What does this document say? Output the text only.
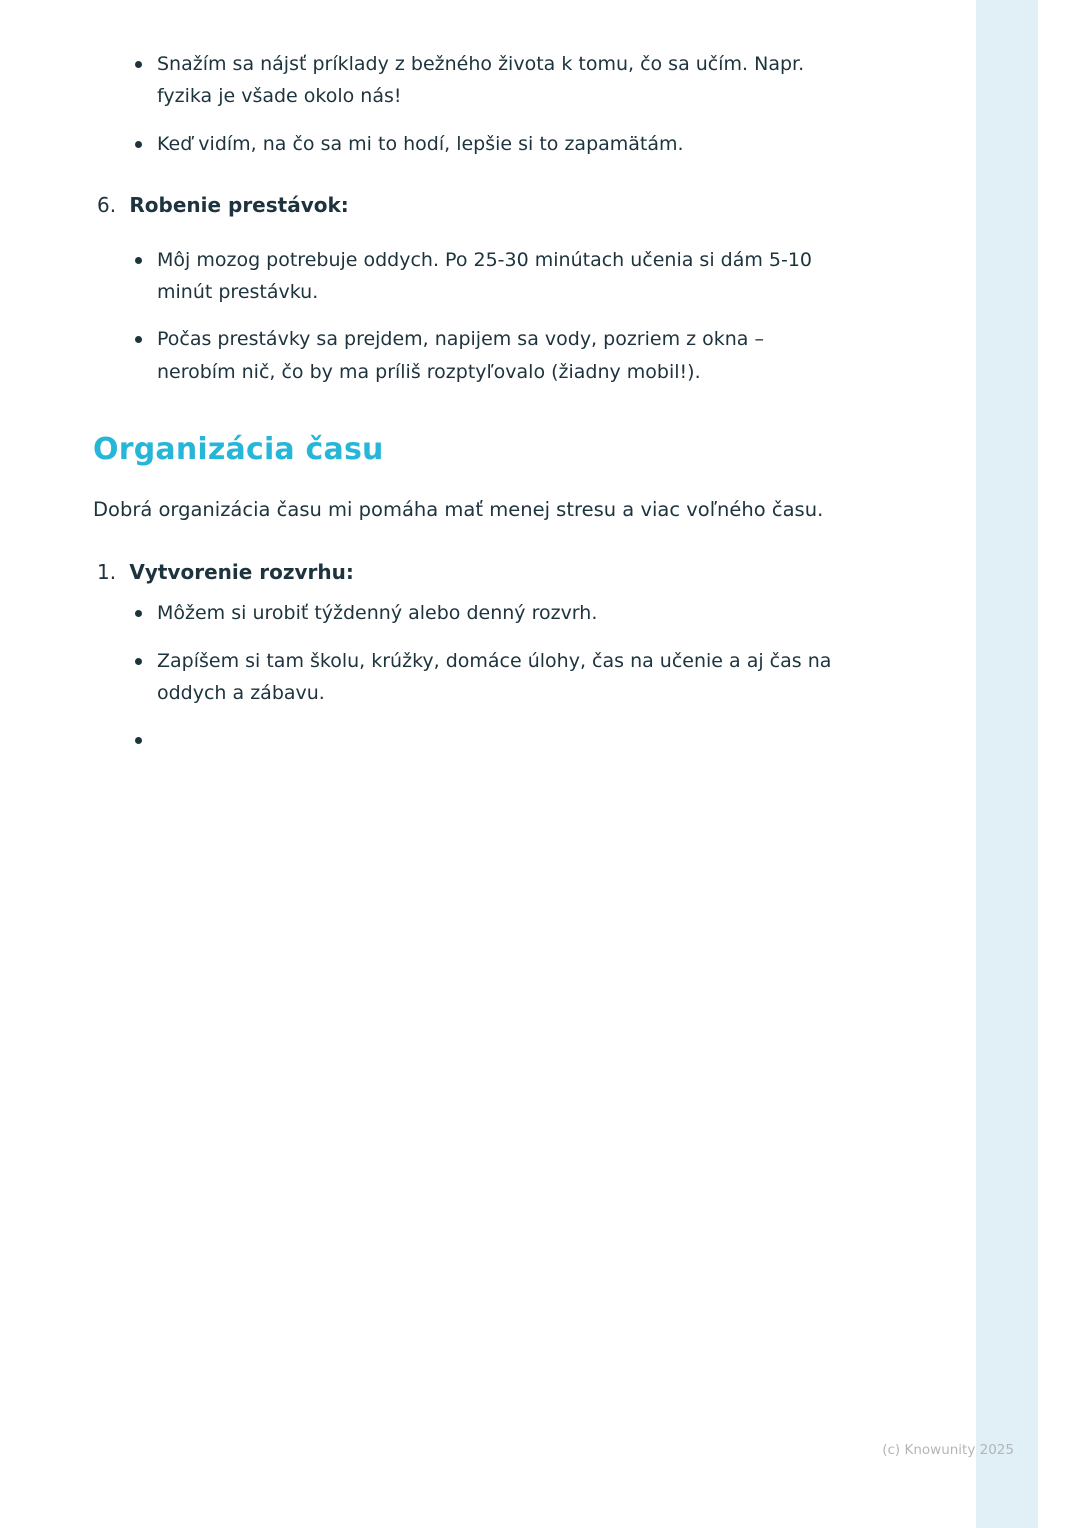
Snažím sa nájsť príklady z bežného života k tomu, čo sa učím. Napr. fyzika je všade okolo nás!
Keď vidím, na čo sa mi to hodí, lepšie si to zapamätám.
6. Robenie prestávok:
Môj mozog potrebuje oddych. Po 25-30 minútach učenia si dám 5-10 minút prestávku.
Počas prestávky sa prejdem, napijem sa vody, pozriem z okna – nerobím nič, čo by ma príliš rozptyľovalo (žiadny mobil!).
Organizácia času

Dobrá organizácia času mi pomáha mať menej stresu a viac voľného času.

1. Vytvorenie rozvrhu:
Môžem si urobiť týždenný alebo denný rozvrh.
Zapíšem si tam školu, krúžky, domáce úlohy, čas na učenie a aj čas na oddych a zábavu.
(c) Knowunity 2025
